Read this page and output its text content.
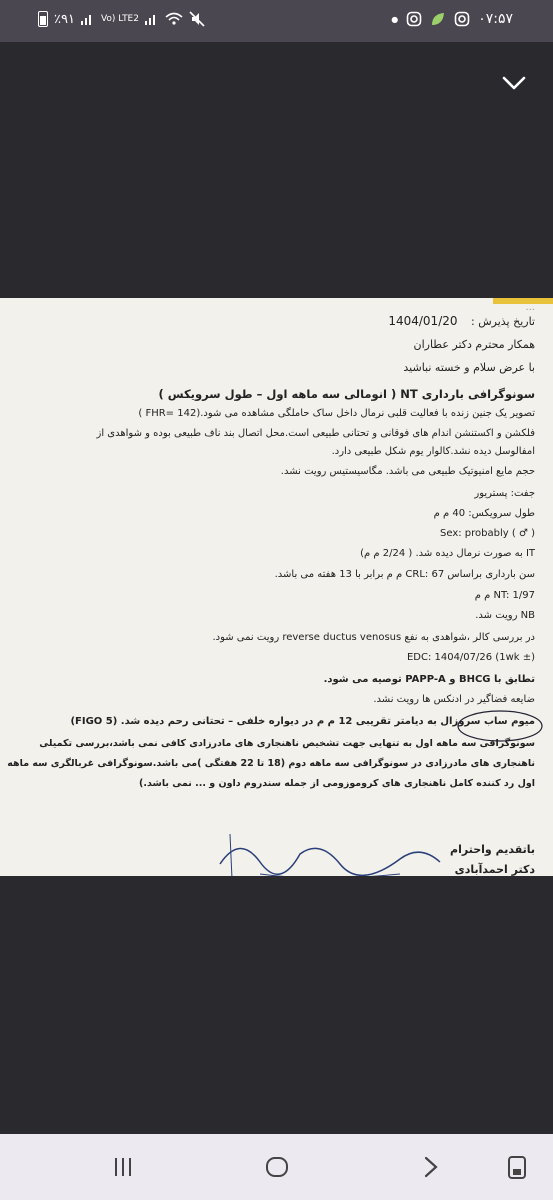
٪۹۱	Vo) LTE2	●	۰۷:۵۷
...
تاریخ پذیرش : 1404/01/20
همکار محترم دکتر عطاران
با عرض سلام و خسته نباشید
سونوگرافی بارداری NT ( انومالی سه ماهه اول – طول سرویکس )
تصویر یک جنین زنده با فعالیت قلبی نرمال داخل ساک حاملگی مشاهده می شود.(FHR= 142 )
فلکشن و اکستنشن اندام های فوقانی و تحتانی طبیعی است.محل اتصال بند ناف طبیعی بوده و شواهدی از
امفالوسل دیده نشد.کالوار یوم شکل طبیعی دارد.
حجم مایع امنیوتیک طبیعی می باشد. مگاسیستیس رویت نشد.
جفت: پستریور
طول سرویکس: 40 م م
Sex: probably ( ♂ )
IT به صورت نرمال دیده شد. ( 2/24 م م)
سن بارداری براساس CRL: 67 م م برابر با 13 هفته می باشد.
NT: 1/97 م م
NB رویت شد.
در بررسی کالر ،شواهدی به نفع reverse ductus venosus رویت نمی شود.
EDC: 1404/07/26 (1wk ±)
تطابق با BHCG و PAPP-A توصیه می شود.
ضایعه فضاگیر در ادنکس ها رویت نشد.
میوم ساب سروزال به دیامتر تقریبی 12 م م در دیواره خلفی – تحتانی رحم دیده شد. (FIGO 5)
سونوگرافی سه ماهه اول به تنهایی جهت تشخیص ناهنجاری های مادرزادی کافی نمی باشد،بررسی تکمیلی
ناهنجاری های مادرزادی در سونوگرافی سه ماهه دوم (18 تا 22 هفتگی )می باشد.سونوگرافی غربالگری سه ماهه
اول رد کننده کامل ناهنجاری های کروموزومی از جمله سندروم داون و ... نمی باشد.)
باتقدیم واحترام
دکتر احمدآبادی
